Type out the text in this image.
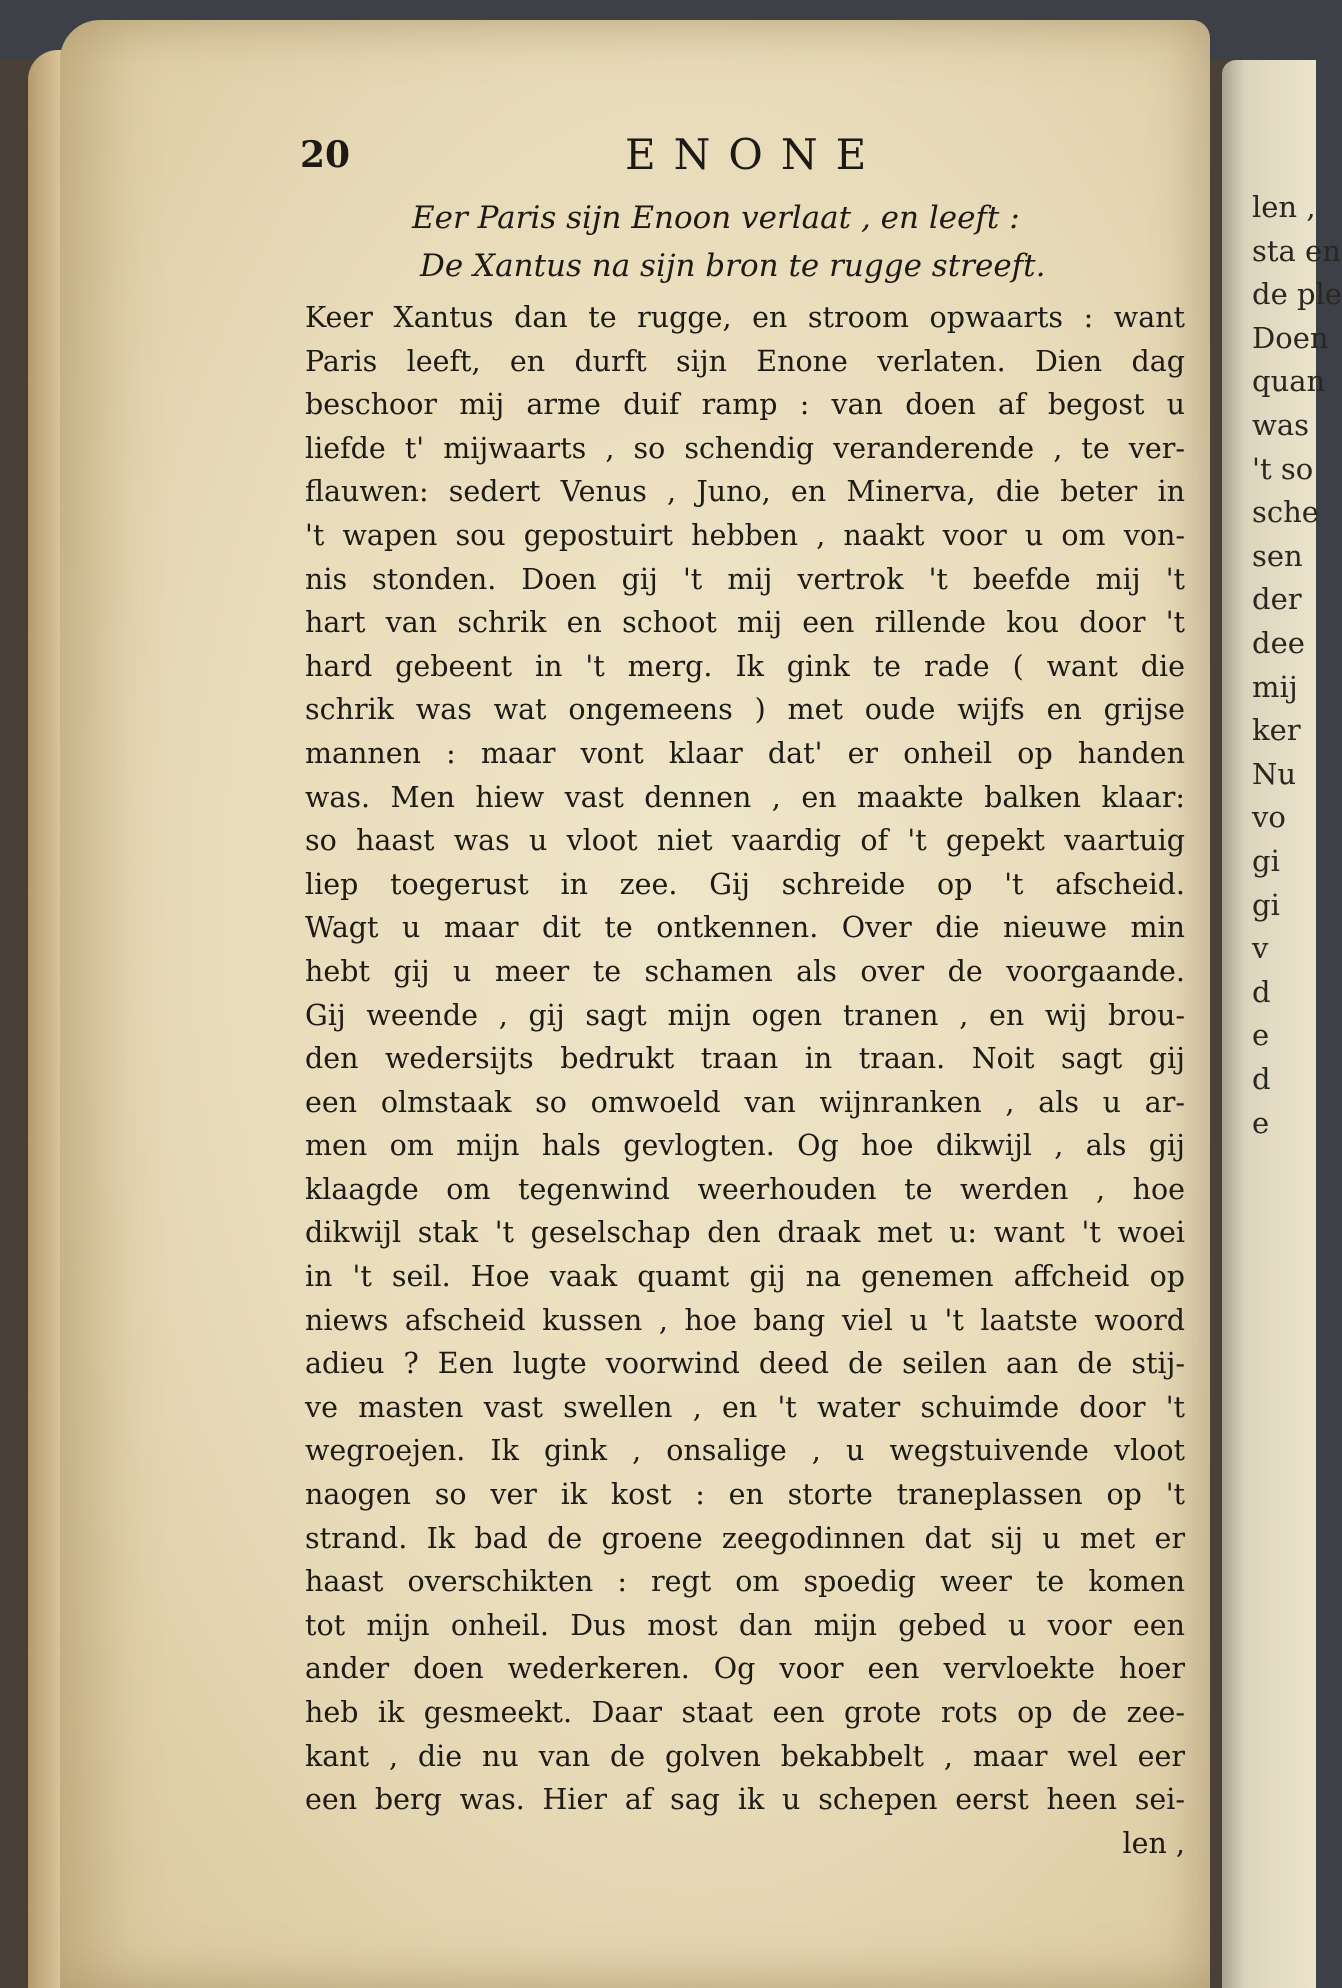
20	ENONE
Eer Paris sijn Enoon verlaat , en leeft :
De Xantus na sijn bron te rugge streeft.
Keer Xantus dan te rugge, en stroom opwaarts : want
Paris leeft, en durft sijn Enone verlaten. Dien dag
beschoor mij arme duif ramp : van doen af begost u
liefde t' mijwaarts , so schendig veranderende , te ver-
flauwen: sedert Venus , Juno, en Minerva, die beter in
't wapen sou gepostuirt hebben , naakt voor u om von-
nis stonden. Doen gij 't mij vertrok 't beefde mij 't
hart van schrik en schoot mij een rillende kou door 't
hard gebeent in 't merg. Ik gink te rade ( want die
schrik was wat ongemeens ) met oude wijfs en grijse
mannen : maar vont klaar dat' er onheil op handen
was. Men hiew vast dennen , en maakte balken klaar:
so haast was u vloot niet vaardig of 't gepekt vaartuig
liep toegerust in zee. Gij schreide op 't afscheid.
Wagt u maar dit te ontkennen. Over die nieuwe min
hebt gij u meer te schamen als over de voorgaande.
Gij weende , gij sagt mijn ogen tranen , en wij brou-
den wedersijts bedrukt traan in traan. Noit sagt gij
een olmstaak so omwoeld van wijnranken , als u ar-
men om mijn hals gevlogten. Og hoe dikwijl , als gij
klaagde om tegenwind weerhouden te werden , hoe
dikwijl stak 't geselschap den draak met u: want 't woei
in 't seil. Hoe vaak quamt gij na genemen affcheid op
niews afscheid kussen , hoe bang viel u 't laatste woord
adieu ? Een lugte voorwind deed de seilen aan de stij-
ve masten vast swellen , en 't water schuimde door 't
wegroejen. Ik gink , onsalige , u wegstuivende vloot
naogen so ver ik kost : en storte traneplassen op 't
strand. Ik bad de groene zeegodinnen dat sij u met er
haast overschikten : regt om spoedig weer te komen
tot mijn onheil. Dus most dan mijn gebed u voor een
ander doen wederkeren. Og voor een vervloekte hoer
heb ik gesmeekt. Daar staat een grote rots op de zee-
kant , die nu van de golven bekabbelt , maar wel eer
een berg was. Hier af sag ik u schepen eerst heen sei-
len ,
len ,
sta en
de ple
Doen
quan
was
't so
sche
sen
der
dee
mij
ker
Nu
vo
gi
gi
v
d
e
d
e
